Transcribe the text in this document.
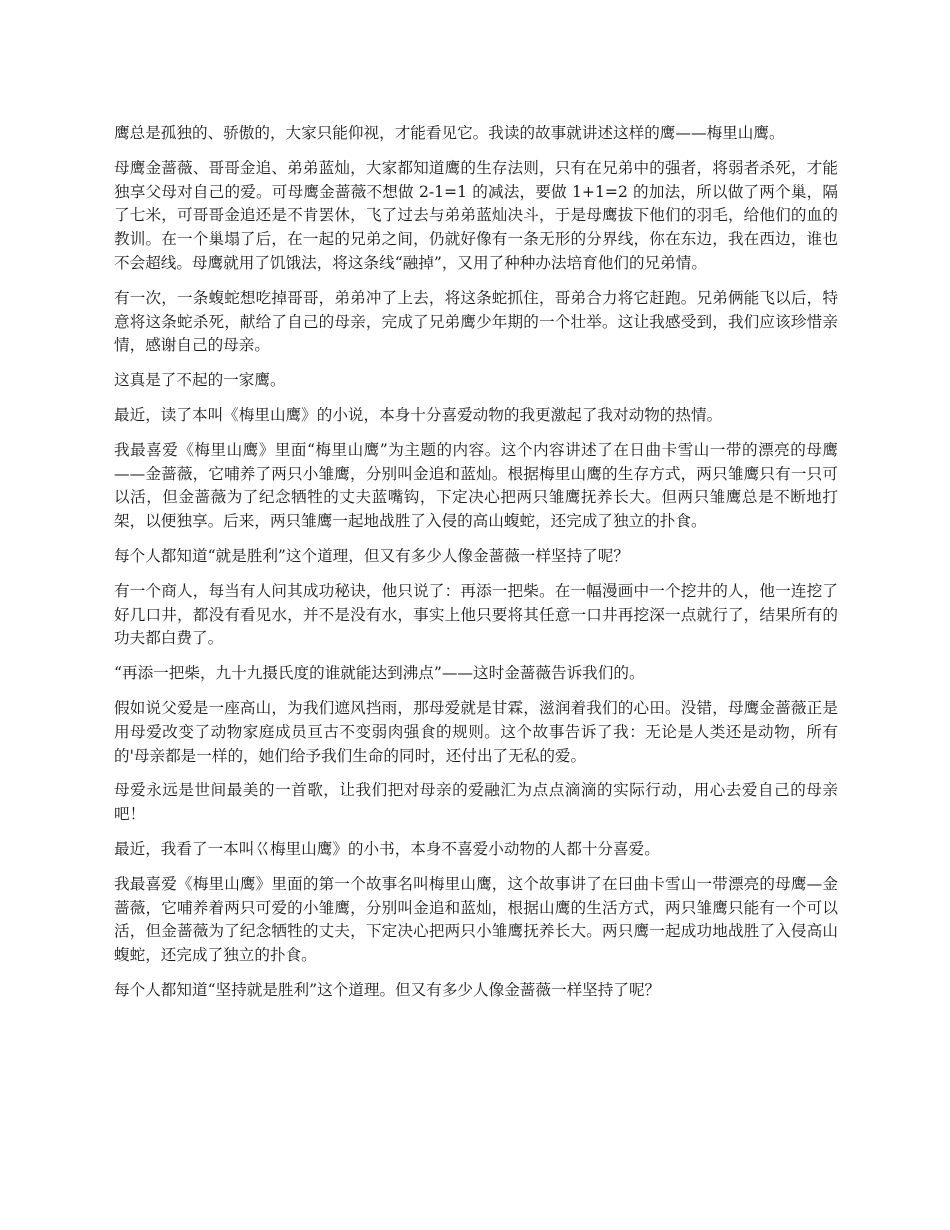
鹰总是孤独的、骄傲的，大家只能仰视，才能看见它。我读的故事就讲述这样的鹰——梅里山鹰。

母鹰金蔷薇、哥哥金追、弟弟蓝灿，大家都知道鹰的生存法则，只有在兄弟中的强者，将弱者杀死，才能独享父母对自己的爱。可母鹰金蔷薇不想做 2-1=1 的减法，要做 1+1=2 的加法，所以做了两个巢，隔了七米，可哥哥金追还是不肯罢休，飞了过去与弟弟蓝灿决斗，于是母鹰拔下他们的羽毛，给他们的血的教训。在一个巢塌了后，在一起的兄弟之间，仍就好像有一条无形的分界线，你在东边，我在西边，谁也不会超线。母鹰就用了饥饿法，将这条线“融掉”，又用了种种办法培育他们的兄弟情。

有一次，一条蝮蛇想吃掉哥哥，弟弟冲了上去，将这条蛇抓住，哥弟合力将它赶跑。兄弟俩能飞以后，特意将这条蛇杀死，献给了自己的母亲，完成了兄弟鹰少年期的一个壮举。这让我感受到，我们应该珍惜亲情，感谢自己的母亲。

这真是了不起的一家鹰。

最近，读了本叫《梅里山鹰》的小说，本身十分喜爱动物的我更激起了我对动物的热情。

我最喜爱《梅里山鹰》里面“梅里山鹰”为主题的内容。这个内容讲述了在日曲卡雪山一带的漂亮的母鹰——金蔷薇，它哺养了两只小雏鹰，分别叫金追和蓝灿。根据梅里山鹰的生存方式，两只雏鹰只有一只可以活，但金蔷薇为了纪念牺牲的丈夫蓝嘴钩，下定决心把两只雏鹰抚养长大。但两只雏鹰总是不断地打架，以便独享。后来，两只雏鹰一起地战胜了入侵的高山蝮蛇，还完成了独立的扑食。

每个人都知道“就是胜利”这个道理，但又有多少人像金蔷薇一样坚持了呢？

有一个商人，每当有人问其成功秘诀，他只说了：再添一把柴。在一幅漫画中一个挖井的人，他一连挖了好几口井，都没有看见水，并不是没有水，事实上他只要将其任意一口井再挖深一点就行了，结果所有的功夫都白费了。

“再添一把柴，九十九摄氏度的谁就能达到沸点”——这时金蔷薇告诉我们的。

假如说父爱是一座高山，为我们遮风挡雨，那母爱就是甘霖，滋润着我们的心田。没错，母鹰金蔷薇正是用母爱改变了动物家庭成员亘古不变弱肉强食的规则。这个故事告诉了我：无论是人类还是动物，所有的'母亲都是一样的，她们给予我们生命的同时，还付出了无私的爱。

母爱永远是世间最美的一首歌，让我们把对母亲的爱融汇为点点滴滴的实际行动，用心去爱自己的母亲吧！

最近，我看了一本叫巜梅里山鹰》的小书，本身不喜爱小动物的人都十分喜爱。

我最喜爱《梅里山鹰》里面的第一个故事名叫梅里山鹰，这个故事讲了在曰曲卡雪山一带漂亮的母鹰—金蔷薇，它哺养着两只可爱的小雏鹰，分别叫金追和蓝灿，根据山鹰的生活方式，两只雏鹰只能有一个可以活，但金蔷薇为了纪念牺牲的丈夫，下定决心把两只小雏鹰抚养长大。两只鹰一起成功地战胜了入侵高山蝮蛇，还完成了独立的扑食。

每个人都知道“坚持就是胜利”这个道理。但又有多少人像金蔷薇一样坚持了呢？
